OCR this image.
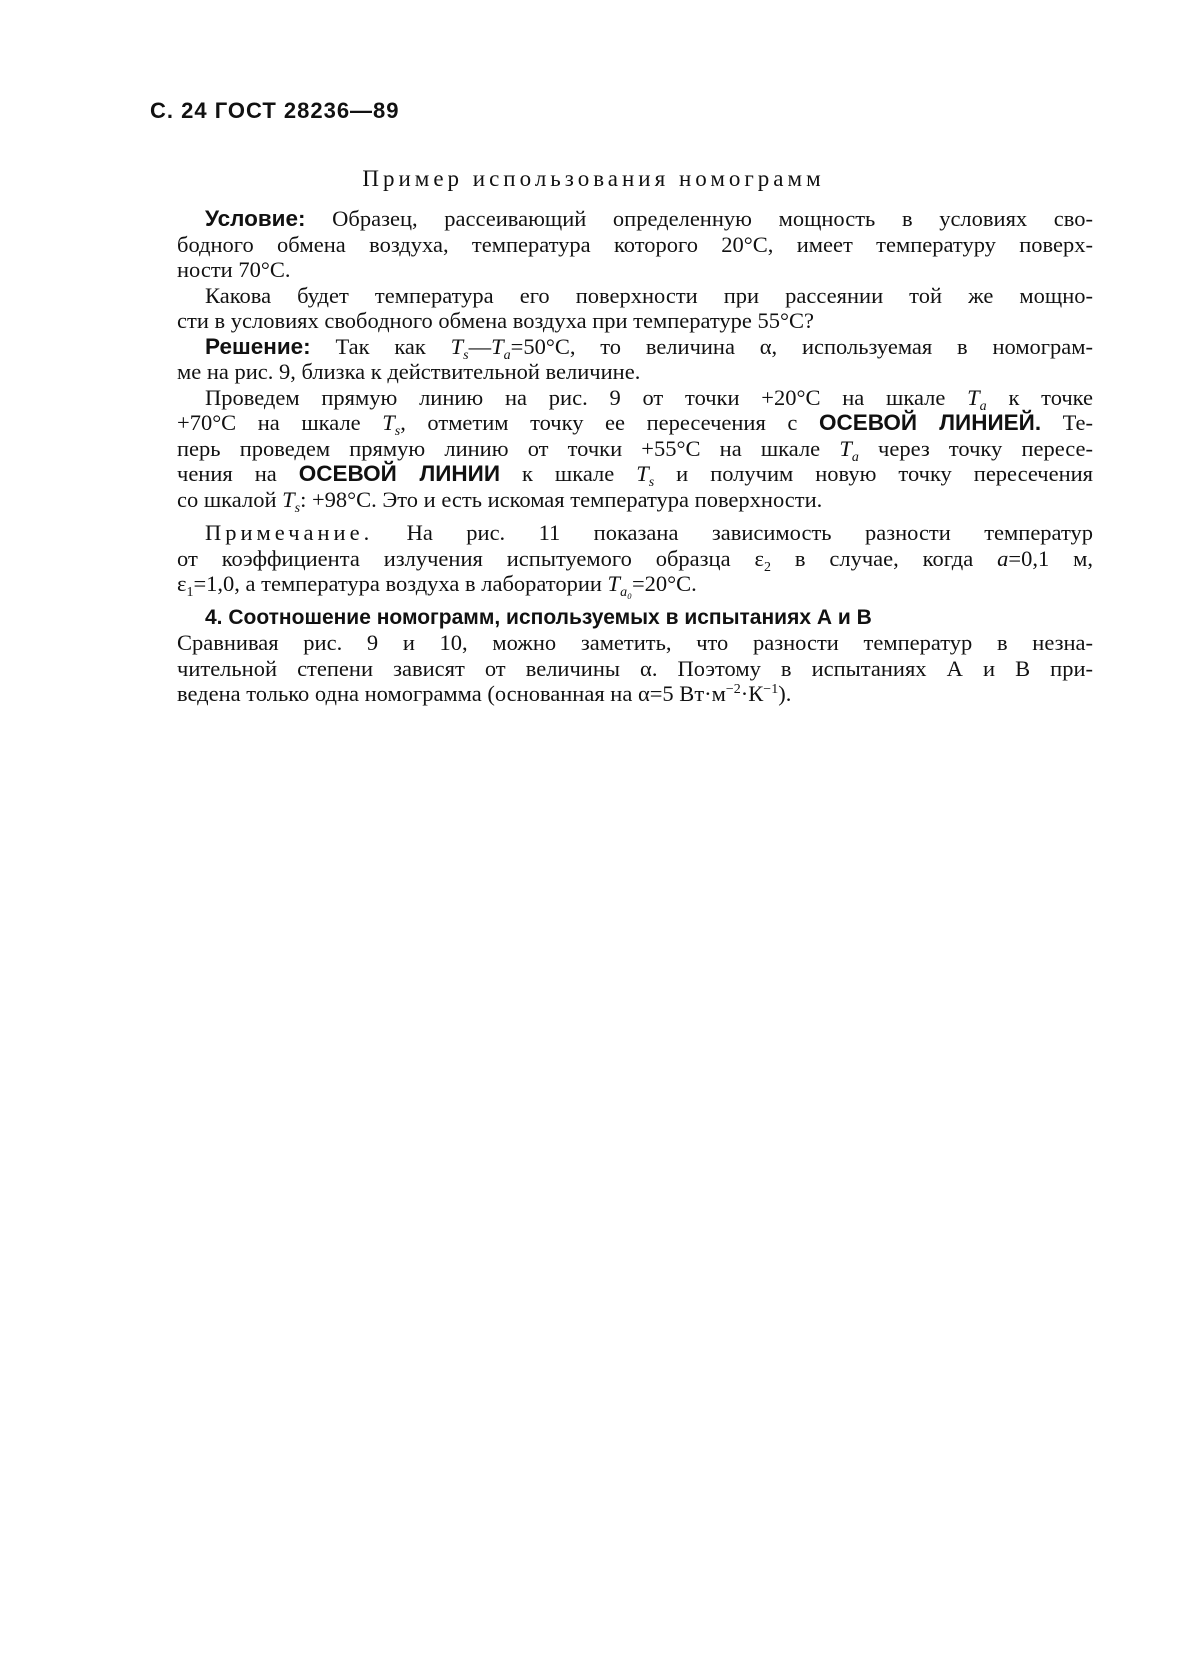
С. 24 ГОСТ 28236—89
Пример использования номограмм
Условие: Образец, рассеивающий определенную мощность в условиях сво-
бодного обмена воздуха, температура которого 20°С, имеет температуру поверх-
ности 70°С.
Какова будет температура его поверхности при рассеянии той же мощно-
сти в условиях свободного обмена воздуха при температуре 55°С?
Решение: Так как $T_s—T_a=50^\circ С$, то величина α, используемая в номограм-
ме на рис. 9, близка к действительной величине.
Проведем прямую линию на рис. 9 от точки +20°С на шкале $T_a$ к точке
+70°С на шкале $T_s$, отметим точку ее пересечения с ОСЕВОЙ ЛИНИЕЙ. Те-
перь проведем прямую линию от точки +55°С на шкале $T_a$ через точку пересе-
чения на ОСЕВОЙ ЛИНИИ к шкале $T_s$ и получим новую точку пересечения
со шкалой $T_s$: +98°С. Это и есть искомая температура поверхности.
Примечание. На рис. 11 показана зависимость разности температур
от коэффициента излучения испытуемого образца $\varepsilon_2$ в случае, когда a=0,1 м,
$\varepsilon_1=1,0$, а температура воздуха в лаборатории $T_{a_0}=20^\circ С$.
4. Соотношение номограмм, используемых в испытаниях А и В
Сравнивая рис. 9 и 10, можно заметить, что разности температур в незна-
чительной степени зависят от величины α. Поэтому в испытаниях А и В при-
ведена только одна номограмма (основанная на α=5 $Вт\cdot м^{-2}\cdot К^{-1}$).
